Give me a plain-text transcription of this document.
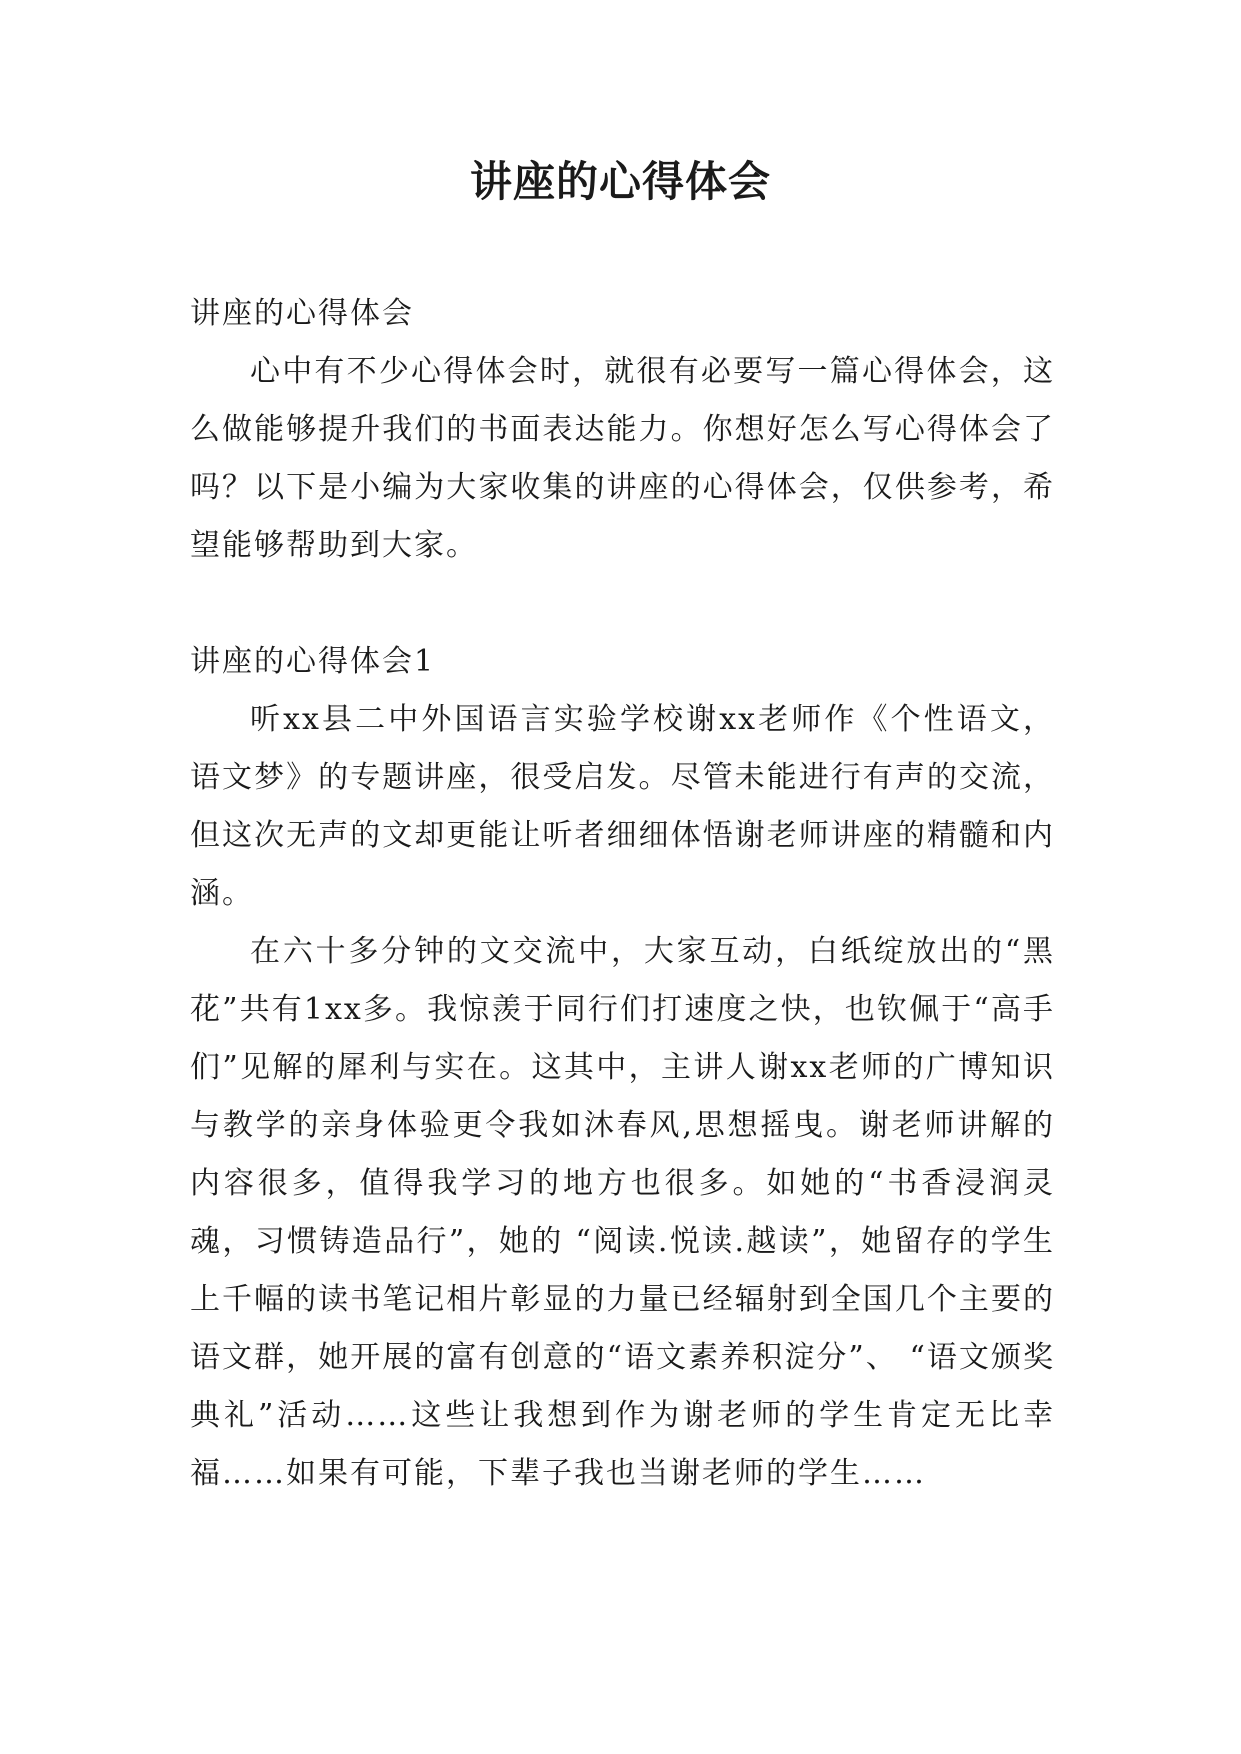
讲座的心得体会

讲座的心得体会

心中有不少心得体会时，就很有必要写一篇心得体会，这么做能够提升我们的书面表达能力。你想好怎么写心得体会了吗？以下是小编为大家收集的讲座的心得体会，仅供参考，希望能够帮助到大家。

讲座的心得体会1

听xx县二中外国语言实验学校谢xx老师作《个性语文，语文梦》的专题讲座，很受启发。尽管未能进行有声的交流，但这次无声的文却更能让听者细细体悟谢老师讲座的精髓和内涵。

在六十多分钟的文交流中，大家互动，白纸绽放出的“黑花”共有1xx多。我惊羡于同行们打速度之快，也钦佩于“高手们”见解的犀利与实在。这其中，主讲人谢xx老师的广博知识与教学的亲身体验更令我如沐春风,思想摇曳。谢老师讲解的内容很多，值得我学习的地方也很多。如她的“书香浸润灵魂，习惯铸造品行”，她的 “阅读.悦读.越读”，她留存的学生上千幅的读书笔记相片彰显的力量已经辐射到全国几个主要的语文群，她开展的富有创意的“语文素养积淀分”、 “语文颁奖典礼”活动……这些让我想到作为谢老师的学生肯定无比幸福……如果有可能，下辈子我也当谢老师的学生……
